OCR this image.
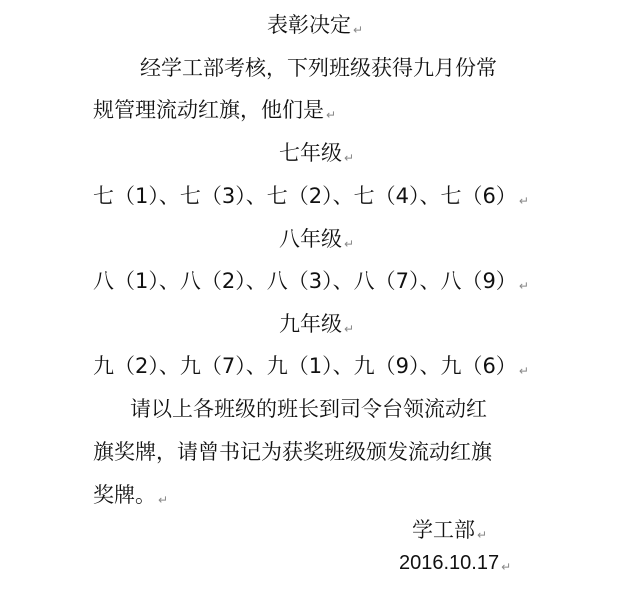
表彰决定 ↵
经学工部考核，下列班级获得九月份常
规管理流动红旗，他们是 ↵
七年级 ↵
七（1）、七（3）、七（2）、七（4）、七（6） ↵
八年级 ↵
八（1）、八（2）、八（3）、八（7）、八（9） ↵
九年级 ↵
九（2）、九（7）、九（1）、九（9）、九（6） ↵
请以上各班级的班长到司令台领流动红
旗奖牌，请曾书记为获奖班级颁发流动红旗
奖牌。 ↵
学工部 ↵
2016.10.17 ↵
